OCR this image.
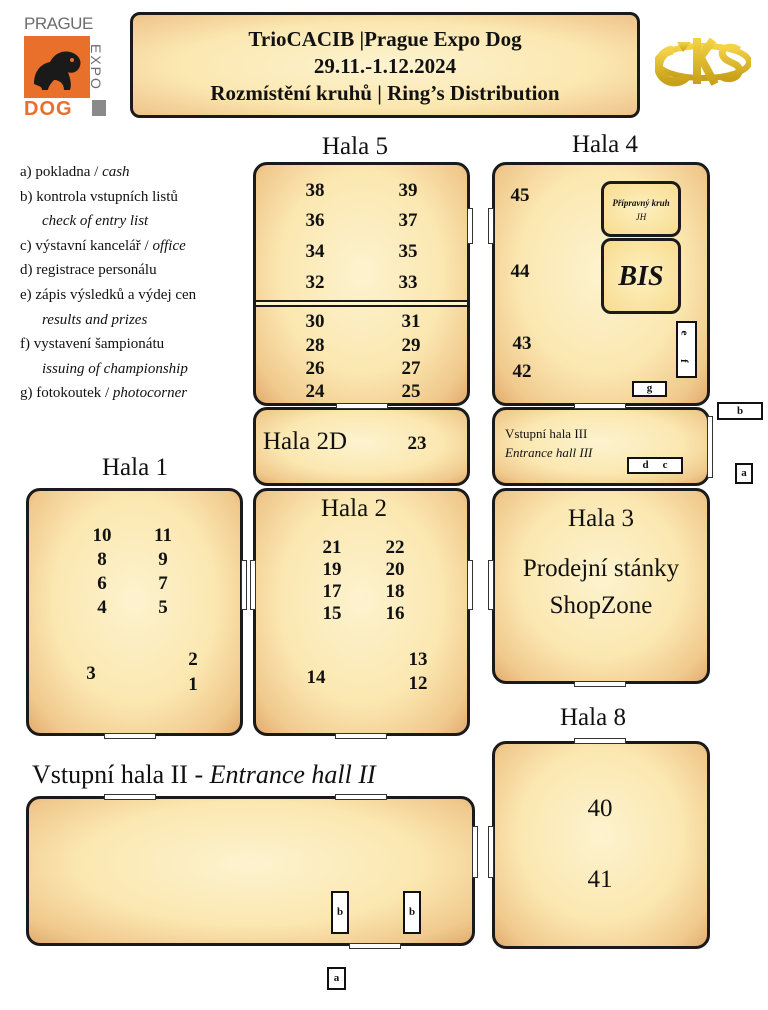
PRAGUE
EXPO
DOG
TrioCACIB |Prague Expo Dog
29.11.-1.12.2024
Rozmístění kruhů | Ring’s Distribution
a) pokladna / cash
b) kontrola vstupních listů
check of entry list
c) výstavní kancelář / office
d) registrace personálu
e) zápis výsledků a výdej cen
results and prizes
f) vystavení šampionátu
issuing of championship
g) fotokoutek / photocorner
Hala 5	Hala 4
Hala 1
Hala 8
Vstupní hala II - Entrance hall II
38	39
36	37
34	35
32	33
30	31
28	29
26	27
24	25
45
44
43
42
Přípravný kruh
JH
BIS
e
f
g
Hala 2D	23	Vstupní hala III
Entrance hall III
d c
b
a
10	11
8	9
6	7
4	5
3
2
1
Hala 2
21	22
19	20
17	18
15	16
14
13
12
Hala 3
Prodejní stánky
ShopZone
40
41
b	b
a
